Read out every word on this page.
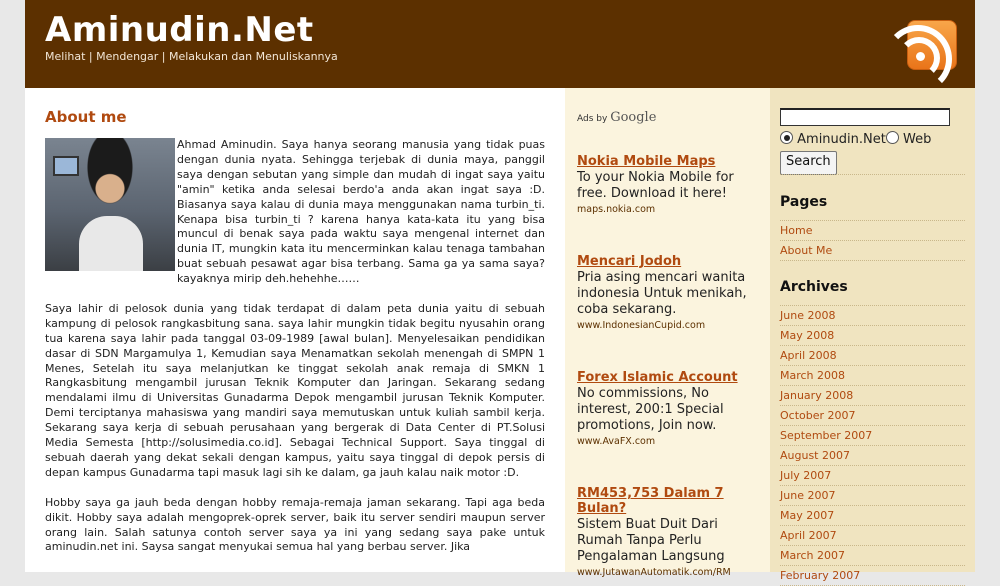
Aminudin.Net
Melihat | Mendengar | Melakukan dan Menuliskannya
About me

Ahmad Aminudin. Saya hanya seorang manusia yang tidak puas dengan dunia nyata. Sehingga terjebak di dunia maya, panggil saya dengan sebutan yang simple dan mudah di ingat saya yaitu "amin" ketika anda selesai berdo'a anda akan ingat saya :D. Biasanya saya kalau di dunia maya menggunakan nama turbin_ti. Kenapa bisa turbin_ti ? karena hanya kata-kata itu yang bisa muncul di benak saya pada waktu saya mengenal internet dan dunia IT, mungkin kata itu mencerminkan kalau tenaga tambahan buat sebuah pesawat agar bisa terbang. Sama ga ya sama saya? kayaknya mirip deh.hehehhe……

Saya lahir di pelosok dunia yang tidak terdapat di dalam peta dunia yaitu di sebuah kampung di pelosok rangkasbitung sana. saya lahir mungkin tidak begitu nyusahin orang tua karena saya lahir pada tanggal 03-09-1989 [awal bulan]. Menyelesaikan pendidikan dasar di SDN Margamulya 1, Kemudian saya Menamatkan sekolah menengah di SMPN 1 Menes, Setelah itu saya melanjutkan ke tinggat sekolah anak remaja di SMKN 1 Rangkasbitung mengambil jurusan Teknik Komputer dan Jaringan. Sekarang sedang mendalami ilmu di Universitas Gunadarma Depok mengambil jurusan Teknik Komputer. Demi terciptanya mahasiswa yang mandiri saya memutuskan untuk kuliah sambil kerja. Sekarang saya kerja di sebuah perusahaan yang bergerak di Data Center di PT.Solusi Media Semesta [http://solusimedia.co.id]. Sebagai Technical Support. Saya tinggal di sebuah daerah yang dekat sekali dengan kampus, yaitu saya tinggal di depok persis di depan kampus Gunadarma tapi masuk lagi sih ke dalam, ga jauh kalau naik motor :D.

Hobby saya ga jauh beda dengan hobby remaja-remaja jaman sekarang. Tapi aga beda dikit. Hobby saya adalah mengoprek-oprek server, baik itu server sendiri maupun server orang lain. Salah satunya contoh server saya ya ini yang sedang saya pake untuk aminudin.net ini. Saysa sangat menyukai semua hal yang berbau server. Jika

Ads by Google
Nokia Mobile Maps
To your Nokia Mobile for free. Download it here!
maps.nokia.com
Mencari Jodoh
Pria asing mencari wanita indonesia Untuk menikah, coba sekarang.
www.IndonesianCupid.com
Forex Islamic Account
No commissions, No interest, 200:1 Special promotions, Join now.
www.AvaFX.com
RM453,753 Dalam 7 Bulan?
Sistem Buat Duit Dari Rumah Tanpa Perlu Pengalaman Langsung
www.JutawanAutomatik.com/RM
Aminudin.Net Web
Search
Pages
Home
About Me
Archives
June 2008
May 2008
April 2008
March 2008
January 2008
October 2007
September 2007
August 2007
July 2007
June 2007
May 2007
April 2007
March 2007
February 2007
